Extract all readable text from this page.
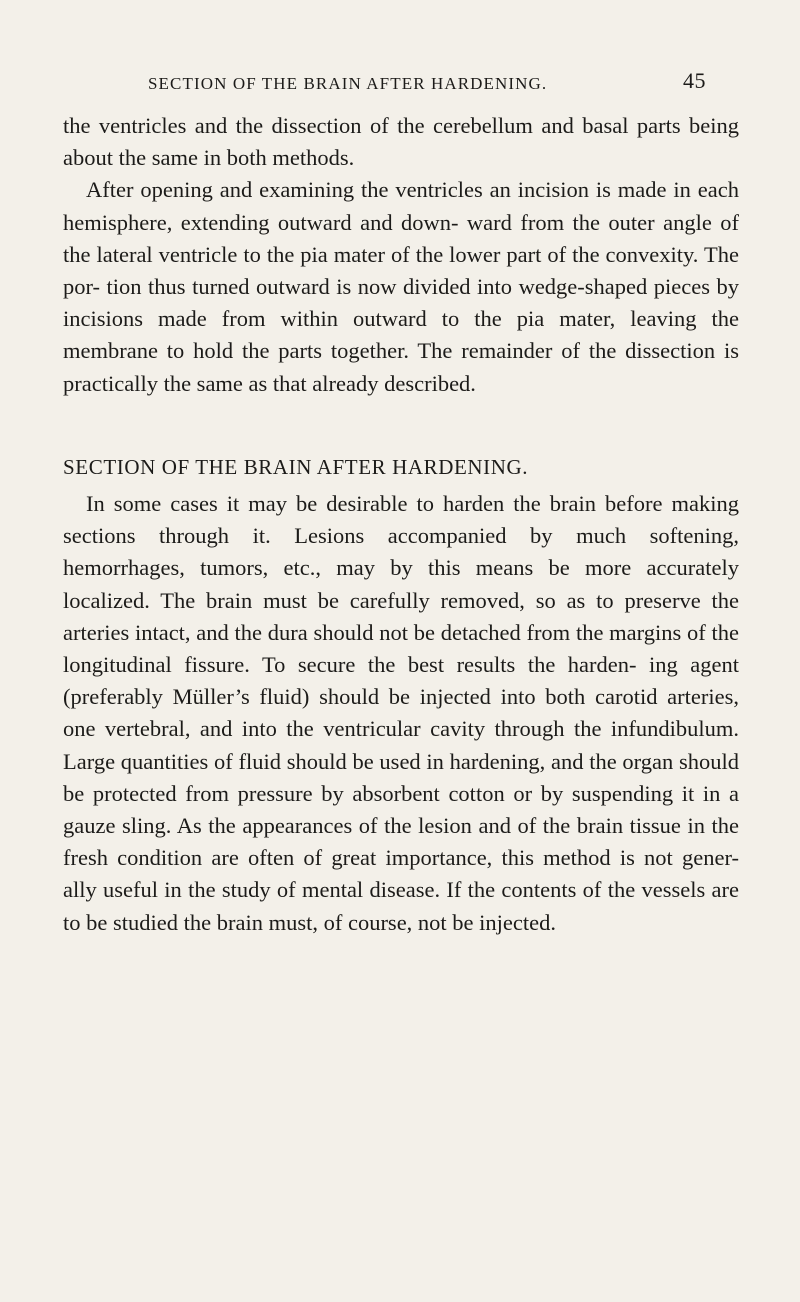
SECTION OF THE BRAIN AFTER HARDENING.	45

the ventricles and the dissection of the cerebellum and basal parts being about the same in both methods.

After opening and examining the ventricles an incision is made in each hemisphere, extending outward and down- ward from the outer angle of the lateral ventricle to the pia mater of the lower part of the convexity. The por- tion thus turned outward is now divided into wedge-shaped pieces by incisions made from within outward to the pia mater, leaving the membrane to hold the parts together. The remainder of the dissection is practically the same as that already described.

SECTION OF THE BRAIN AFTER HARDENING.

In some cases it may be desirable to harden the brain before making sections through it. Lesions accompanied by much softening, hemorrhages, tumors, etc., may by this means be more accurately localized. The brain must be carefully removed, so as to preserve the arteries intact, and the dura should not be detached from the margins of the longitudinal fissure. To secure the best results the harden- ing agent (preferably Müller’s fluid) should be injected into both carotid arteries, one vertebral, and into the ventricular cavity through the infundibulum. Large quantities of fluid should be used in hardening, and the organ should be protected from pressure by absorbent cotton or by suspending it in a gauze sling. As the appearances of the lesion and of the brain tissue in the fresh condition are often of great importance, this method is not gener- ally useful in the study of mental disease. If the contents of the vessels are to be studied the brain must, of course, not be injected.
